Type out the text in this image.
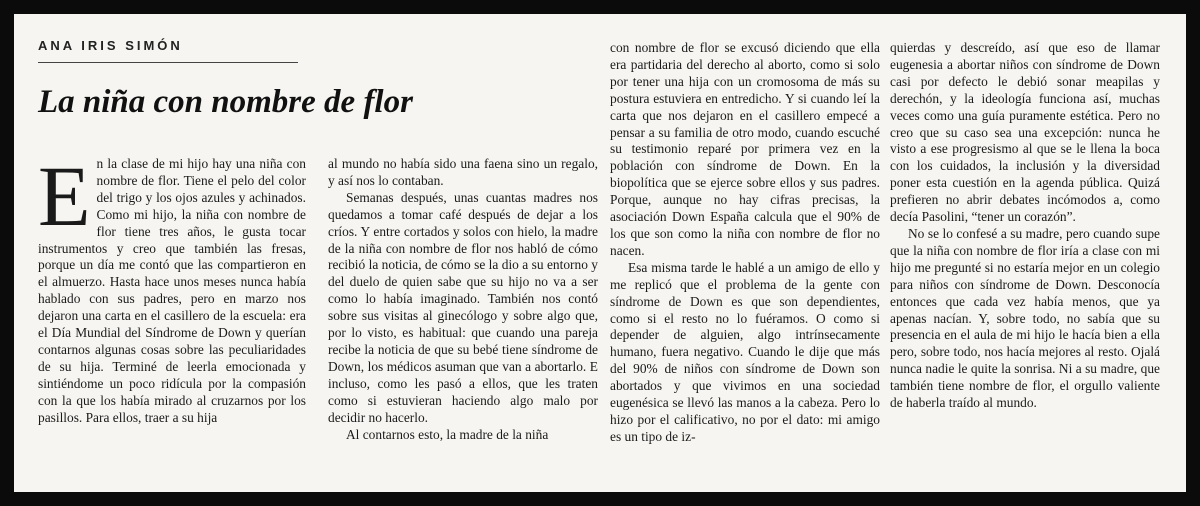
ANA IRIS SIMÓN
La niña con nombre de flor

En la clase de mi hijo hay una niña con nombre de flor. Tiene el pelo del color del trigo y los ojos azules y achinados. Como mi hijo, la niña con nombre de flor tiene tres años, le gusta tocar instrumentos y creo que también las fresas, porque un día me contó que las compartieron en el almuerzo. Hasta hace unos meses nunca había hablado con sus padres, pero en marzo nos dejaron una carta en el casillero de la escuela: era el Día Mundial del Síndrome de Down y querían contarnos algunas cosas sobre las peculiaridades de su hija. Terminé de leerla emocionada y sintiéndome un poco ridícula por la compasión con la que los había mirado al cruzarnos por los pasillos. Para ellos, traer a su hija

al mundo no había sido una faena sino un regalo, y así nos lo contaban.

Semanas después, unas cuantas madres nos quedamos a tomar café después de dejar a los críos. Y entre cortados y solos con hielo, la madre de la niña con nombre de flor nos habló de cómo recibió la noticia, de cómo se la dio a su entorno y del duelo de quien sabe que su hijo no va a ser como lo había imaginado. También nos contó sobre sus visitas al ginecólogo y sobre algo que, por lo visto, es habitual: que cuando una pareja recibe la noticia de que su bebé tiene síndrome de Down, los médicos asuman que van a abortarlo. E incluso, como les pasó a ellos, que les traten como si estuvieran haciendo algo malo por decidir no hacerlo.

Al contarnos esto, la madre de la niña

con nombre de flor se excusó diciendo que ella era partidaria del derecho al aborto, como si solo por tener una hija con un cromosoma de más su postura estuviera en entredicho. Y si cuando leí la carta que nos dejaron en el casillero empecé a pensar a su familia de otro modo, cuando escuché su testimonio reparé por primera vez en la población con síndrome de Down. En la biopolítica que se ejerce sobre ellos y sus padres. Porque, aunque no hay cifras precisas, la asociación Down España calcula que el 90% de los que son como la niña con nombre de flor no nacen.

Esa misma tarde le hablé a un amigo de ello y me replicó que el problema de la gente con síndrome de Down es que son dependientes, como si el resto no lo fuéramos. O como si depender de alguien, algo intrínsecamente humano, fuera negativo. Cuando le dije que más del 90% de niños con síndrome de Down son abortados y que vivimos en una sociedad eugenésica se llevó las manos a la cabeza. Pero lo hizo por el calificativo, no por el dato: mi amigo es un tipo de iz-

quierdas y descreído, así que eso de llamar eugenesia a abortar niños con síndrome de Down casi por defecto le debió sonar meapilas y derechón, y la ideología funciona así, muchas veces como una guía puramente estética. Pero no creo que su caso sea una excepción: nunca he visto a ese progresismo al que se le llena la boca con los cuidados, la inclusión y la diversidad poner esta cuestión en la agenda pública. Quizá prefieren no abrir debates incómodos a, como decía Pasolini, “tener un corazón”.

No se lo confesé a su madre, pero cuando supe que la niña con nombre de flor iría a clase con mi hijo me pregunté si no estaría mejor en un colegio para niños con síndrome de Down. Desconocía entonces que cada vez había menos, que ya apenas nacían. Y, sobre todo, no sabía que su presencia en el aula de mi hijo le hacía bien a ella pero, sobre todo, nos hacía mejores al resto. Ojalá nunca nadie le quite la sonrisa. Ni a su madre, que también tiene nombre de flor, el orgullo valiente de haberla traído al mundo.
